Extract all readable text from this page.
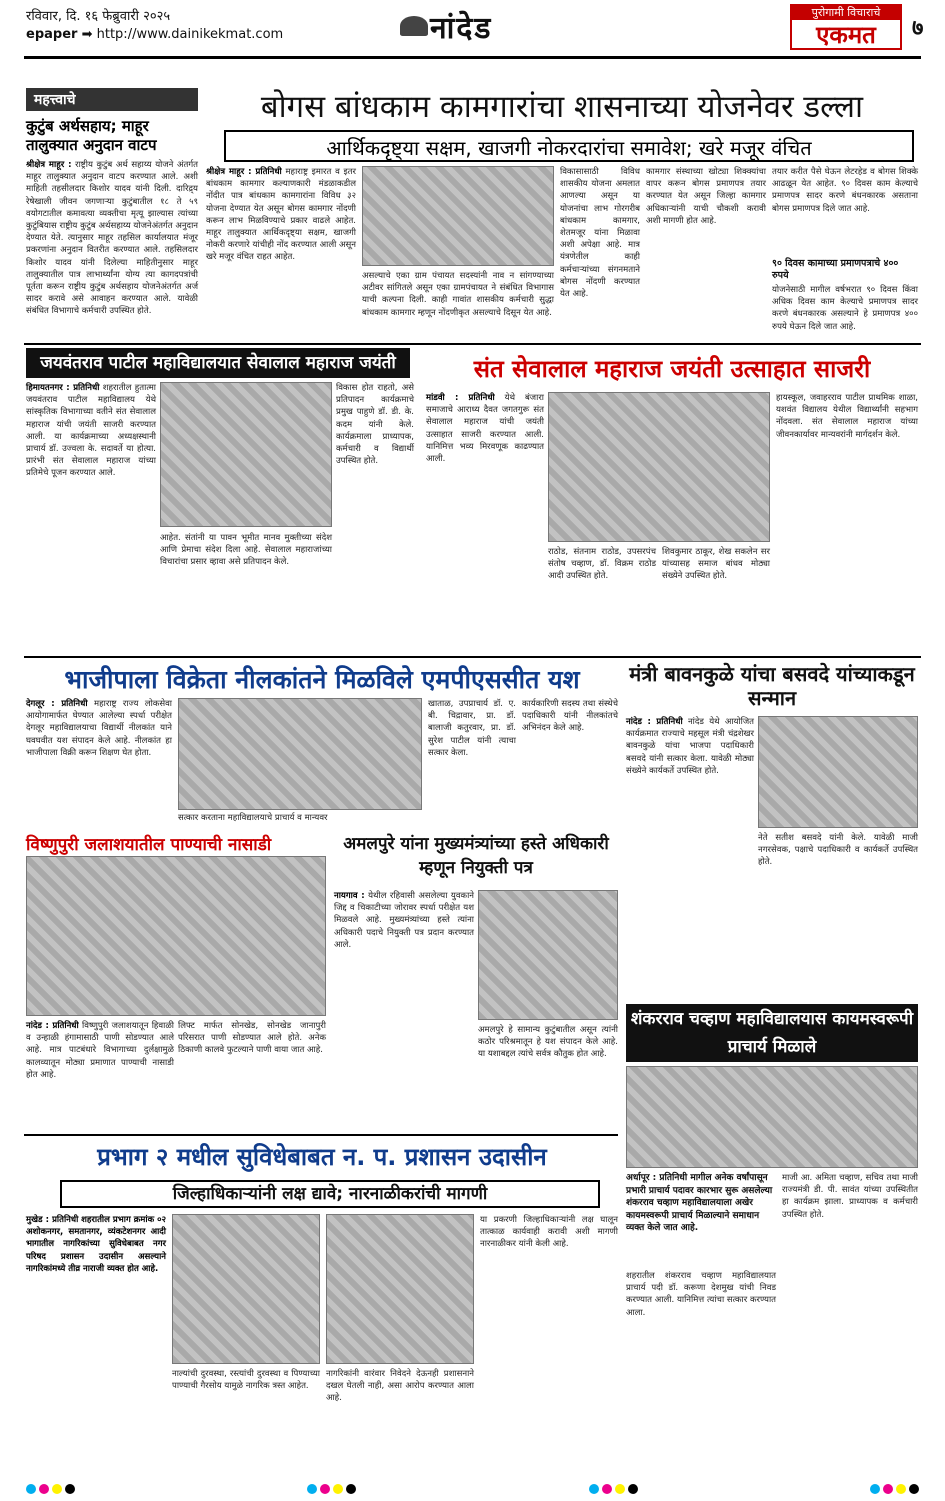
रविवार, दि. १६ फेब्रुवारी २०२५
epaper ➡ http://www.dainikekmat.com	नांदेड	पुरोगामी विचाराचे
एकमत	७
महत्त्वाचे
कुटुंब अर्थसहाय; माहूर तालुक्यात अनुदान वाटप
श्रीक्षेत्र माहूर : राष्ट्रीय कुटुंब अर्थ सहाय्य योजने अंतर्गत माहूर तालुक्यात अनुदान वाटप करण्यात आले. अशी माहिती तहसीलदार किशोर यादव यांनी दिली. दारिद्र्य रेषेखाली जीवन जगणाऱ्या कुटुंबातील १८ ते ५९ वयोगटातील कमावत्या व्यक्तीचा मृत्यू झाल्यास त्यांच्या कुटुंबियास राष्ट्रीय कुटुंब अर्थसहाय्य योजनेअंतर्गत अनुदान देण्यात येते. त्यानुसार माहूर तहसिल कार्यालयात मंजूर प्रकरणांना अनुदान वितरीत करण्यात आले. तहसिलदार किशोर यादव यांनी दिलेल्या माहितीनुसार माहूर तालुक्यातील पात्र लाभार्थ्यांना योग्य त्या कागदपत्रांची पूर्तता करून राष्ट्रीय कुटुंब अर्थसहाय योजनेअंतर्गत अर्ज सादर करावे असे आवाहन करण्यात आले. यावेळी संबंधित विभागाचे कर्मचारी उपस्थित होते.
बोगस बांधकाम कामगारांचा शासनाच्या योजनेवर डल्ला
आर्थिकदृष्ट्या सक्षम, खाजगी नोकरदारांचा समावेश; खरे मजूर वंचित
श्रीक्षेत्र माहूर : प्रतिनिधी महाराष्ट्र इमारत व इतर बांधकाम कामगार कल्याणकारी मंडळाकडील नोंदीत पात्र बांधकाम कामगारांना विविध ३२ योजना देण्यात येत असून बोगस कामगार नोंदणी करून लाभ मिळविण्याचे प्रकार वाढले आहेत. माहूर तालुक्यात आर्थिकदृष्ट्या सक्षम, खाजगी नोकरी करणारे यांचीही नोंद करण्यात आली असून खरे मजूर वंचित राहत आहेत.
असल्याचे एका ग्राम पंचायत सदस्यांनी नाव न सांगण्याच्या अटीवर सांगितले असून एका ग्रामपंचायत ने संबंधित विभागास याची कल्पना दिली. काही गावांत शासकीय कर्मचारी सुद्धा बांधकाम कामगार म्हणून नोंदणीकृत असल्याचे दिसून येत आहे.
विकासासाठी विविध शासकीय योजना अमलात आणल्या असून या योजनांचा लाभ गोरगरीब बांधकाम कामगार, शेतमजूर यांना मिळावा अशी अपेक्षा आहे. मात्र यंत्रणेतील काही कर्मचाऱ्यांच्या संगनमताने बोगस नोंदणी करण्यात येत आहे.
कामगार संस्थाच्या खोट्या शिक्क्यांचा वापर करून बोगस प्रमाणपत्र तयार करण्यात येत असून जिल्हा कामगार अधिकाऱ्यांनी याची चौकशी करावी अशी मागणी होत आहे.
तयार करीत पैसे घेऊन लेटरहेड व बोगस शिक्के आढळून येत आहेत. ९० दिवस काम केल्याचे प्रमाणपत्र सादर करणे बंधनकारक असताना बोगस प्रमाणपत्र दिले जात आहे.
९० दिवस कामाच्या प्रमाणपत्राचे ४०० रुपये
योजनेसाठी मागील वर्षभरात ९० दिवस किंवा अधिक दिवस काम केल्याचे प्रमाणपत्र सादर करणे बंधनकारक असल्याने हे प्रमाणपत्र ४०० रुपये घेऊन दिले जात आहे.
जयवंतराव पाटील महाविद्यालयात सेवालाल महाराज जयंती
हिमायतनगर : प्रतिनिधी शहरातील हुतात्मा जयवंतराव पाटील महाविद्यालय येथे सांस्कृतिक विभागाच्या वतीने संत सेवालाल महाराज यांची जयंती साजरी करण्यात आली. या कार्यक्रमाच्या अध्यक्षस्थानी प्राचार्य डॉ. उज्वला के. सदावर्ते या होत्या. प्रारंभी संत सेवालाल महाराज यांच्या प्रतिमेचे पूजन करण्यात आले.
आहेत. संतांनी या पावन भूमीत मानव मुक्तीच्या संदेश आणि प्रेमाचा संदेश दिला आहे. सेवालाल महाराजांच्या विचारांचा प्रसार व्हावा असे प्रतिपादन केले.
विकास होत राहतो, असे प्रतिपादन कार्यक्रमाचे प्रमुख पाहुणे डॉ. डी. के. कदम यांनी केले. कार्यक्रमाला प्राध्यापक, कर्मचारी व विद्यार्थी उपस्थित होते.
संत सेवालाल महाराज जयंती उत्साहात साजरी
मांडवी : प्रतिनिधी येथे बंजारा समाजाचे आराध्य दैवत जगतगुरू संत सेवालाल महाराज यांची जयंती उत्साहात साजरी करण्यात आली. यानिमित्त भव्य मिरवणूक काढण्यात आली.
राठोड, संतनाम राठोड, उपसरपंच संतोष चव्हाण, डॉ. विक्रम राठोड आदी उपस्थित होते.
शिवकुमार ठाकूर, शेख सकलेन सर यांच्यासह समाज बांधव मोठ्या संख्येने उपस्थित होते.
हायस्कूल, जवाहरराव पाटील प्राथमिक शाळा, यशवंत विद्यालय येथील विद्यार्थ्यांनी सहभाग नोंदवला. संत सेवालाल महाराज यांच्या जीवनकार्यावर मान्यवरांनी मार्गदर्शन केले.
भाजीपाला विक्रेता नीलकांतने मिळविले एमपीएससीत यश
देगलूर : प्रतिनिधी महाराष्ट्र राज्य लोकसेवा आयोगामार्फत घेण्यात आलेल्या स्पर्धा परीक्षेत देगलूर महाविद्यालयाचा विद्यार्थी नीलकांत याने घवघवीत यश संपादन केले आहे. नीलकांत हा भाजीपाला विक्री करून शिक्षण घेत होता.
सत्कार करताना महाविद्यालयाचे प्राचार्य व मान्यवर
खाताळ, उपप्राचार्य डॉ. ए. बी. चिद्रावार, प्रा. डॉ. बालाजी कतुरवार, प्रा. डॉ. सुरेश पाटील यांनी त्याचा सत्कार केला.
कार्यकारिणी सदस्य तथा संस्थेचे पदाधिकारी यांनी नीलकांतचे अभिनंदन केले आहे.
मंत्री बावनकुळे यांचा बसवदे यांच्याकडून सन्मान
नांदेड : प्रतिनिधी नांदेड येथे आयोजित कार्यक्रमात राज्याचे महसूल मंत्री चंद्रशेखर बावनकुळे यांचा भाजपा पदाधिकारी बसवदे यांनी सत्कार केला. यावेळी मोठ्या संख्येने कार्यकर्ते उपस्थित होते.
नेते सतीश बसवदे यांनी केले. यावेळी माजी नगरसेवक, पक्षाचे पदाधिकारी व कार्यकर्ते उपस्थित होते.
विष्णुपुरी जलाशयातील पाण्याची नासाडी
नांदेड : प्रतिनिधी विष्णुपुरी जलाशयातून हिवाळी व उन्हाळी हंगामासाठी पाणी सोडण्यात आले आहे. मात्र पाटबंधारे विभागाच्या दुर्लक्षामुळे कालव्यातून मोठ्या प्रमाणात पाण्याची नासाडी होत आहे.
लिफ्ट मार्फत सोनखेड, सोनखेड जानापुरी परिसरात पाणी सोडण्यात आले होते. अनेक ठिकाणी कालवे फुटल्याने पाणी वाया जात आहे.
अमलपुरे यांना मुख्यमंत्र्यांच्या हस्ते अधिकारी म्हणून नियुक्ती पत्र
नायगाव : येथील रहिवासी असलेल्या युवकाने जिद्द व चिकाटीच्या जोरावर स्पर्धा परीक्षेत यश मिळवले आहे. मुख्यमंत्र्यांच्या हस्ते त्यांना अधिकारी पदाचे नियुक्ती पत्र प्रदान करण्यात आले.
अमलपुरे हे सामान्य कुटुंबातील असून त्यांनी कठोर परिश्रमातून हे यश संपादन केले आहे. या यशाबद्दल त्यांचे सर्वत्र कौतुक होत आहे.
शंकरराव चव्हाण महाविद्यालयास कायमस्वरूपी प्राचार्य मिळाले
अर्धापूर : प्रतिनिधी मागील अनेक वर्षांपासून प्रभारी प्राचार्य पदावर कारभार सुरू असलेल्या शंकरराव चव्हाण महाविद्यालयाला अखेर कायमस्वरूपी प्राचार्य मिळाल्याने समाधान व्यक्त केले जात आहे.
शहरातील शंकरराव चव्हाण महाविद्यालयात प्राचार्य पदी डॉ. करूणा देशमुख यांची निवड करण्यात आली. यानिमित्त त्यांचा सत्कार करण्यात आला.
माजी आ. अमिता चव्हाण, सचिव तथा माजी राज्यमंत्री डी. पी. सावंत यांच्या उपस्थितीत हा कार्यक्रम झाला. प्राध्यापक व कर्मचारी उपस्थित होते.
प्रभाग २ मधील सुविधेबाबत न. प. प्रशासन उदासीन
जिल्हाधिकाऱ्यांनी लक्ष द्यावे; नारनाळीकरांची मागणी
मुखेड : प्रतिनिधी शहरातील प्रभाग क्रमांक ०२ अशोकनगर, समतानगर, व्यंकटेशनगर आदी भागातील नागरिकांच्या सुविधेबाबत नगर परिषद प्रशासन उदासीन असल्याने नागरिकांमध्ये तीव्र नाराजी व्यक्त होत आहे.
नाल्यांची दुरवस्था, रस्त्यांची दुरवस्था व पिण्याच्या पाण्याची गैरसोय यामुळे नागरिक त्रस्त आहेत.
नागरिकांनी वारंवार निवेदने देऊनही प्रशासनाने दखल घेतली नाही, असा आरोप करण्यात आला आहे.
या प्रकरणी जिल्हाधिकाऱ्यांनी लक्ष घालून तात्काळ कार्यवाही करावी अशी मागणी नारनाळीकर यांनी केली आहे.
